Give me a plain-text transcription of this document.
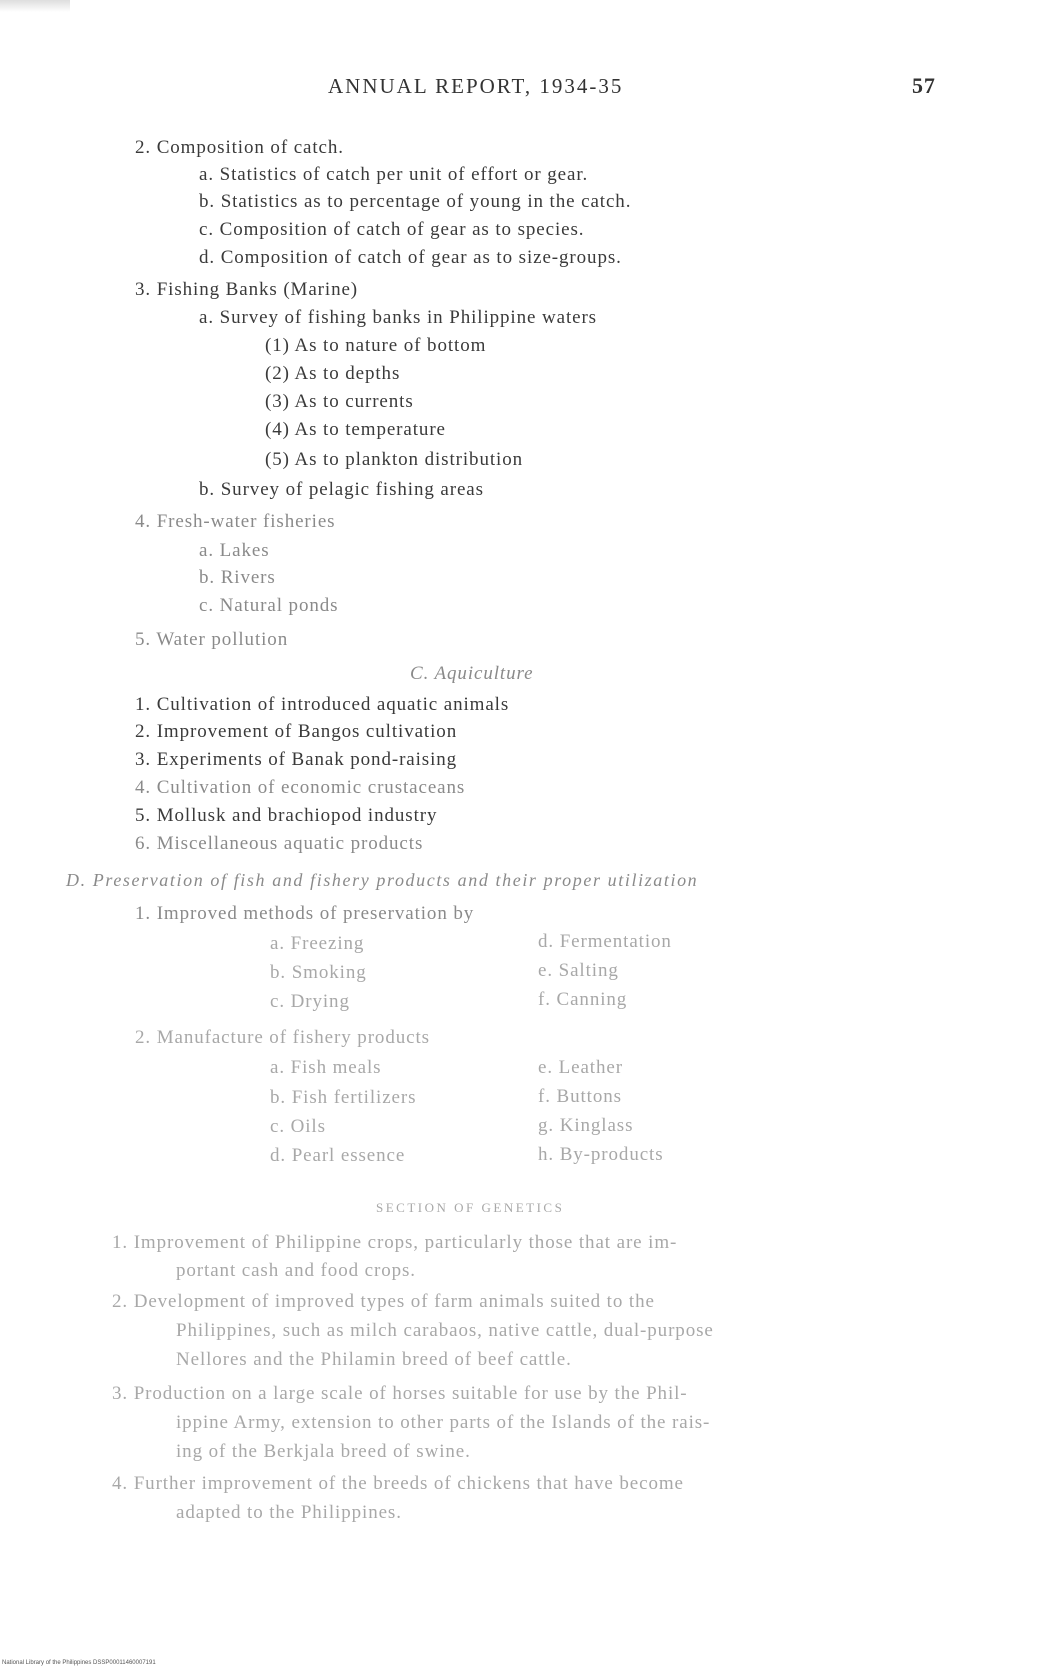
ANNUAL REPORT, 1934-35	57
2. Composition of catch.
a. Statistics of catch per unit of effort or gear.
b. Statistics as to percentage of young in the catch.
c. Composition of catch of gear as to species.
d. Composition of catch of gear as to size-groups.
3. Fishing Banks (Marine)
a. Survey of fishing banks in Philippine waters
(1) As to nature of bottom
(2) As to depths
(3) As to currents
(4) As to temperature
(5) As to plankton distribution
b. Survey of pelagic fishing areas
4. Fresh-water fisheries
a. Lakes
b. Rivers
c. Natural ponds
5. Water pollution
C. Aquiculture
1. Cultivation of introduced aquatic animals
2. Improvement of Bangos cultivation
3. Experiments of Banak pond-raising
4. Cultivation of economic crustaceans
5. Mollusk and brachiopod industry
6. Miscellaneous aquatic products
D. Preservation of fish and fishery products and their proper utilization
1. Improved methods of preservation by
a. Freezing
b. Smoking
c. Drying
d. Fermentation
e. Salting
f. Canning
2. Manufacture of fishery products
a. Fish meals
b. Fish fertilizers
c. Oils
d. Pearl essence
e. Leather
f. Buttons
g. Kinglass
h. By-products
SECTION OF GENETICS
1. Improvement of Philippine crops, particularly those that are im-
portant cash and food crops.
2. Development of improved types of farm animals suited to the
Philippines, such as milch carabaos, native cattle, dual-purpose
Nellores and the Philamin breed of beef cattle.
3. Production on a large scale of horses suitable for use by the Phil-
ippine Army, extension to other parts of the Islands of the rais-
ing of the Berkjala breed of swine.
4. Further improvement of the breeds of chickens that have become
adapted to the Philippines.
National Library of the Philippines DSSP00011460007191
